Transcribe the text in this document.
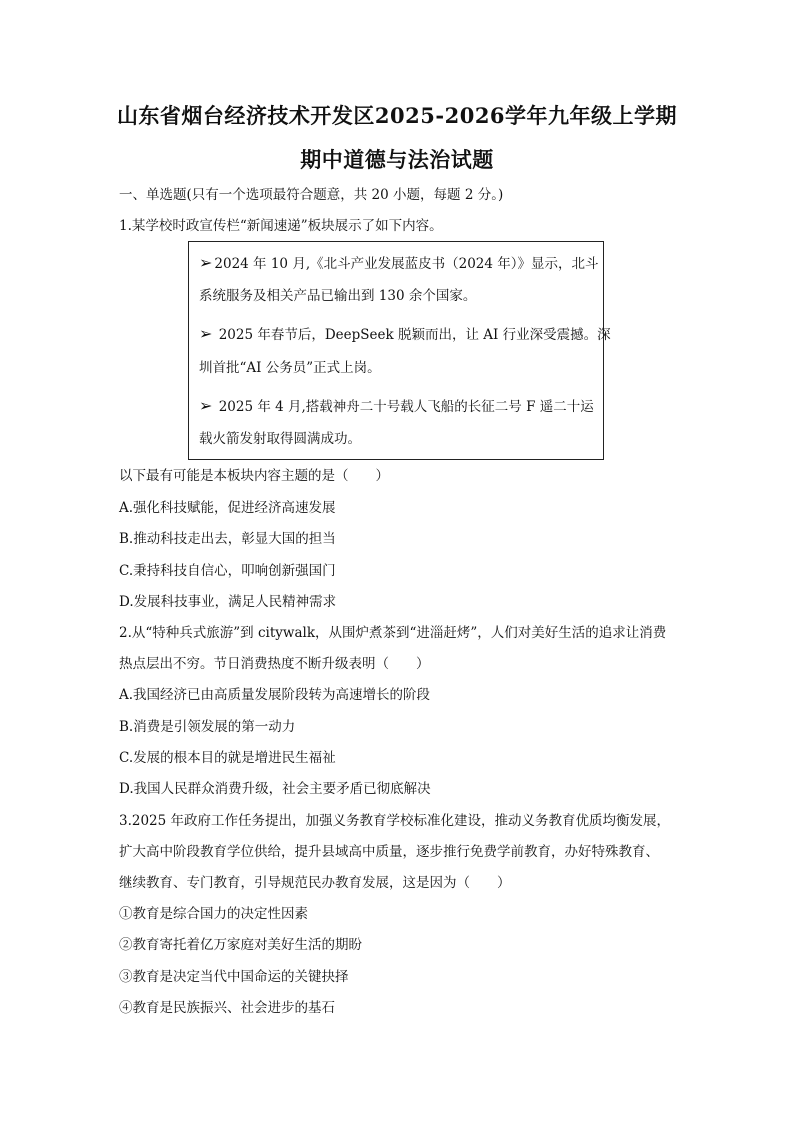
山东省烟台经济技术开发区2025-2026学年九年级上学期
期中道德与法治试题
一、单选题(只有一个选项最符合题意，共 20 小题，每题 2 分。)
1.某学校时政宣传栏“新闻速递”板块展示了如下内容。
➢ 2024 年 10 月,《北斗产业发展蓝皮书（2024 年）》显示，北斗
系统服务及相关产品已输出到 130 余个国家。
➢ 2025 年春节后，DeepSeek 脱颖而出，让 AI 行业深受震撼。深
圳首批“AI 公务员”正式上岗。
➢ 2025 年 4 月,搭载神舟二十号载人飞船的长征二号 F 遥二十运
载火箭发射取得圆满成功。
以下最有可能是本板块内容主题的是（　　）
A.强化科技赋能，促进经济高速发展
B.推动科技走出去，彰显大国的担当
C.秉持科技自信心，叩响创新强国门
D.发展科技事业，满足人民精神需求
2.从“特种兵式旅游”到 citywalk，从围炉煮茶到“进淄赶烤”，人们对美好生活的追求让消费
热点层出不穷。节日消费热度不断升级表明（　　）
A.我国经济已由高质量发展阶段转为高速增长的阶段
B.消费是引领发展的第一动力
C.发展的根本目的就是增进民生福祉
D.我国人民群众消费升级，社会主要矛盾已彻底解决
3.2025 年政府工作任务提出，加强义务教育学校标准化建设，推动义务教育优质均衡发展，
扩大高中阶段教育学位供给，提升县域高中质量，逐步推行免费学前教育，办好特殊教育、
继续教育、专门教育，引导规范民办教育发展，这是因为（　　）
①教育是综合国力的决定性因素
②教育寄托着亿万家庭对美好生活的期盼
③教育是决定当代中国命运的关键抉择
④教育是民族振兴、社会进步的基石
